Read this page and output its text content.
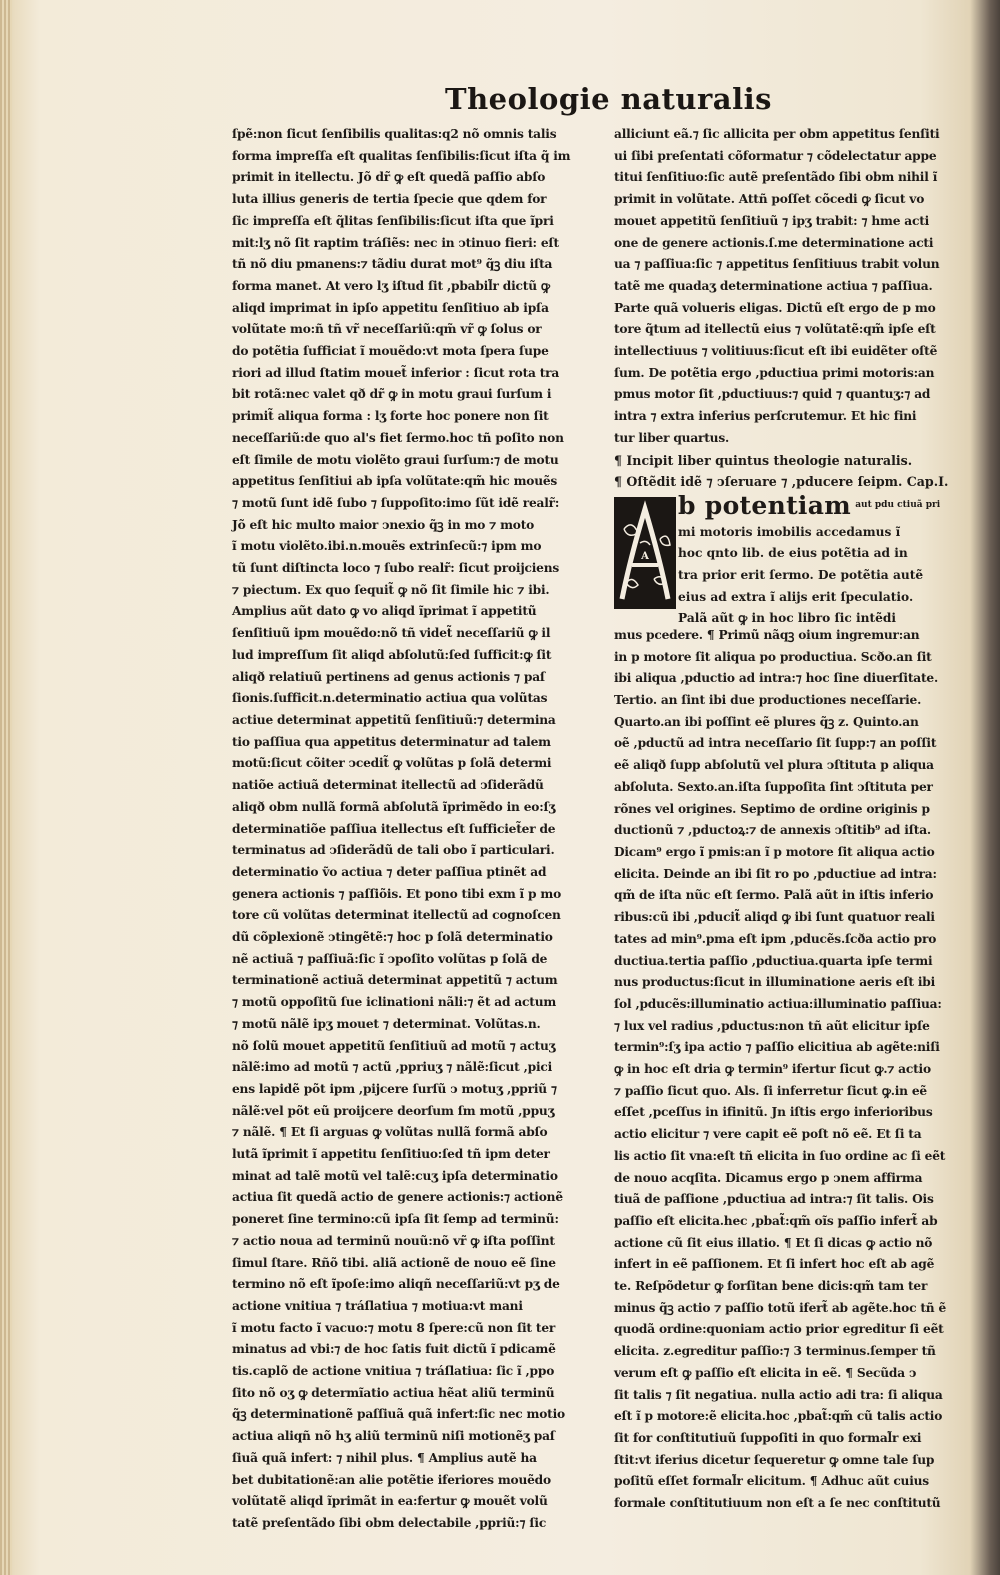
Theologie naturalis
ſpẽ:non ſicut ſenſibilis qualitas:q2 nõ omnis talis
forma impreſſa eſt qualitas ſenſibilis:ſicut iſta q̃ im
primit in itellectu. Jõ dr̃ ꝙ eſt quedã paſſio abſo
luta illius generis de tertia ſpecie que qdem for
ſic impreſſa eſt q̃litas ſenſibilis:ſicut iſta que ĩpri
mit:lʒ nõ ſit raptim tráſiẽs: nec in ↄtinuo fieri: eſt
tñ nõ diu pmanens:⁊ tãdiu durat mot⁹ q̃ꝫ diu iſta
forma manet. At vero lʒ iſtud ſit ,pbabil̃r dictũ ꝙ
aliqd imprimat in ipſo appetitu ſenſitiuo ab ipſa
volũtate mo:ñ tñ vr̃ neceſſariũ:qm̃ vr̃ ꝙ ſolus or
do potẽtia ſufficiat ĩ mouẽdo:vt mota ſpera ſupe
riori ad illud ſtatim mouet̃ inferior : ſicut rota tra
bit rotã:nec valet qð dr̃ ꝙ in motu graui ſurſum i
primit̃ aliqua forma : lʒ forte hoc ponere non ſit
neceſſariũ:de quo al's fiet ſermo.hoc tñ poſito non
eſt ſimile de motu violẽto graui ſurſum:⁊ de motu
appetitus ſenſitiui ab ipſa volũtate:qm̃ hic mouẽs
⁊ motũ ſunt idẽ ſubo ⁊ ſuppoſito:imo ſũt idẽ realr̃:
Jõ eſt hic multo maior ↄnexio q̃ꝫ in mo ⁊ moto
ĩ motu violẽto.ibi.n.mouẽs extrinſecũ:⁊ ipm mo
tũ ſunt diſtincta loco ⁊ ſubo realr̃: ſicut proijciens
⁊ piectum. Ex quo ſequit̃ ꝙ nõ ſit ſimile hic ⁊ ibi.
Amplius aũt dato ꝙ vo aliqd ĩprimat ĩ appetitũ
ſenſitiuũ ipm mouẽdo:nõ tñ videt̃ neceſſariũ ꝙ il
lud impreſſum ſit aliqd abſolutũ:ſed ſufficit:ꝙ ſit
aliqð relatiuũ pertinens ad genus actionis ⁊ paſ
ſionis.ſufficit.n.determinatio actiua qua volũtas
actiue determinat appetitũ ſenſitiuũ:⁊ determina
tio paſſiua qua appetitus determinatur ad talem
motũ:ſicut cõiter ↄcedit̃ ꝙ volũtas p ſolã determi
natiõe actiuã determinat itellectũ ad ↄſiderãdũ
aliqð obm nullã formã abſolutã ĩprimẽdo in eo:ſʒ
determinatiõe paſſiua itellectus eſt ſufficiet̃er de
terminatus ad ↄſiderãdũ de tali obo ĩ particulari.
determinatio ṽo actiua ⁊ deter paſſiua ptinẽt ad
genera actionis ⁊ paſſiõis. Et pono tibi exm ĩ p mo
tore cũ volũtas determinat itellectũ ad cognoſcen
dũ cõplexionẽ ↄtingẽtẽ:⁊ hoc p ſolã determinatio
nẽ actiuã ⁊ paſſiuã:ſic ĩ ↄpoſito volũtas p ſolã de
terminationẽ actiuã determinat appetitũ ⁊ actum
⁊ motũ oppoſitũ ſue iclinationi nãli:⁊ ẽt ad actum
⁊ motũ nãlẽ ipʒ mouet ⁊ determinat. Volũtas.n.
nõ ſolũ mouet appetitũ ſenſitiuũ ad motũ ⁊ actuʒ
nãlẽ:imo ad motũ ⁊ actũ ,ppriuʒ ⁊ nãlẽ:ſicut ,pici
ens lapidẽ põt ipm ,pijcere ſurſũ ↄ motuʒ ,ppriũ ⁊
nãlẽ:vel põt eũ proijcere deorſum ſm motũ ,ppuʒ
⁊ nãlẽ. ¶ Et ſi arguas ꝙ volũtas nullã formã abſo
lutã ĩprimit ĩ appetitu ſenſitiuo:ſed tñ ipm deter
minat ad talẽ motũ vel talẽ:cuʒ ipſa determinatio
actiua ſit quedã actio de genere actionis:⁊ actionẽ
poneret ſine termino:cũ ipſa ſit ſemp ad terminũ:
⁊ actio noua ad terminũ nouũ:nõ vr̃ ꝙ iſta poſſint
ſimul ſtare. Rñõ tibi. aliã actionẽ de nouo eẽ ſine
termino nõ eſt ĩpoſe:imo aliqñ neceſſariũ:vt pʒ de
actione vnitiua ⁊ tráſlatiua ⁊ motiua:vt mani
ĩ motu facto ĩ vacuo:⁊ motu 8 ſpere:cũ non ſit ter
minatus ad vbi:⁊ de hoc ſatis fuit dictũ ĩ pdicamẽ
tis.caplõ de actione vnitiua ⁊ tráſlatiua: ſic ĩ ,ppo
ſito nõ oʒ ꝙ determĩatio actiua hẽat aliũ terminũ
q̃ꝫ determinationẽ paſſiuã quã infert:ſic nec motio
actiua aliqñ nõ hʒ aliũ terminũ niſi motionẽʒ paſ
ſiuã quã infert: ⁊ nihil plus. ¶ Amplius autẽ ha
bet dubitationẽ:an alie potẽtie iferiores mouẽdo
volũtatẽ aliqd ĩprimãt in ea:fertur ꝙ mouẽt volũ
tatẽ preſentãdo ſibi obm delectabile ,ppriũ:⁊ ſic
alliciunt eã.⁊ ſic allicita per obm appetitus ſenſiti
ui ſibi preſentati cõformatur ⁊ cõdelectatur appe
titui ſenſitiuo:ſic autẽ preſentãdo ſibi obm nihil ĩ
primit in volũtate. Attñ poſſet cõcedi ꝙ ſicut vo
mouet appetitũ ſenſitiuũ ⁊ ipʒ trabit: ⁊ hme acti
one de genere actionis.ſ.me determinatione acti
ua ⁊ paſſiua:ſic ⁊ appetitus ſenſitiuus trabit volun
tatẽ me quadaʒ determinatione actiua ⁊ paſſiua.
Parte quã volueris eligas. Dictũ eſt ergo de p mo
tore q̃tum ad itellectũ eius ⁊ volũtatẽ:qm̃ ipſe eſt
intellectiuus ⁊ volitiuus:ſicut eſt ibi euidẽter oſtẽ
ſum. De potẽtia ergo ,pductiua primi motoris:an
pmus motor ſit ,pductiuus:⁊ quid ⁊ quantuʒ:⁊ ad
intra ⁊ extra inferius perſcrutemur. Et hic fini
tur liber quartus.
¶ Incipit liber quintus theologie naturalis.
¶ Oſtẽdit idẽ ⁊ ↄſeruare ⁊ ,pducere ſeipm. Cap.I.
A
b potentiam $^{aut pdu ctiuã pri}$
mi motoris imobilis accedamus ĩ
hoc qnto lib. de eius potẽtia ad in
tra prior erit ſermo. De potẽtia autẽ
eius ad extra ĩ alijs erit ſpeculatio.
Palã aũt ꝙ in hoc libro ſic intẽdi
mus pcedere. ¶ Primũ nãqꝫ oium ingremur:an
in p motore ſit aliqua po productiua. Scðo.an ſit
ibi aliqua ,pductio ad intra:⁊ hoc ſine diuerſitate.
Tertio. an ſint ibi due productiones neceſſarie.
Quarto.an ibi poſſint eẽ plures q̃ꝫ z. Quinto.an
oẽ ,pductũ ad intra neceſſario ſit ſupp:⁊ an poſſit
eẽ aliqð ſupp abſolutũ vel plura ↄſtituta p aliqua
abſoluta. Sexto.an.iſta ſuppoſita ſint ↄſtituta per
rõnes vel origines. Septimo de ordine originis p
ductionũ ⁊ ,pductoꝝ:⁊ de annexis ↄſtitib⁹ ad iſta.
Dicam⁹ ergo ĩ pmis:an ĩ p motore ſit aliqua actio
elicita. Deinde an ibi ſit ro po ,pductiue ad intra:
qm̃ de iſta nũc eſt ſermo. Palã aũt in iſtis inferio
ribus:cũ ibi ,pducit̃ aliqd ꝙ ibi ſunt quatuor reali
tates ad min⁹.pma eſt ipm ,pducẽs.ſcða actio pro
ductiua.tertia paſſio ,pductiua.quarta ipſe termi
nus productus:ſicut in illuminatione aeris eſt ibi
ſol ,pducẽs:illuminatio actiua:illuminatio paſſiua:
⁊ lux vel radius ,pductus:non tñ aũt elicitur ipſe
termin⁹:ſʒ ipa actio ⁊ paſſio elicitiua ab agẽte:niſi
ꝙ in hoc eſt dria ꝙ termin⁹ ifertur ſicut ꝙ.⁊ actio
⁊ paſſio ſicut quo. Als. ſi inferretur ſicut ꝙ.in eẽ
eſſet ,pceſſus in ifinitũ. Jn iſtis ergo inferioribus
actio elicitur ⁊ vere capit eẽ poſt nõ eẽ. Et ſi ta
lis actio ſit vna:eſt tñ elicita in ſuo ordine ac ſi eẽt
de nouo acqſita. Dicamus ergo p ↄnem affirma
tiuã de paſſione ,pductiua ad intra:⁊ ſit talis. Ois
paſſio eſt elicita.hec ,pbat̃:qm̃ oĩs paſſio infert̃ ab
actione cũ ſit eius illatio. ¶ Et ſi dicas ꝙ actio nõ
infert in eẽ paſſionem. Et ſi infert hoc eſt ab agẽ
te. Reſpõdetur ꝙ forſitan bene dicis:qm̃ tam ter
minus q̃ꝫ actio ⁊ paſſio totũ ifert̃ ab agẽte.hoc tñ ẽ
quodã ordine:quoniam actio prior egreditur ſi eẽt
elicita. z.egreditur paſſio:⁊ 3 terminus.ſemper tñ
verum eſt ꝙ paſſio eſt elicita in eẽ. ¶ Secũda ↄ
ſit talis ⁊ ſit negatiua. nulla actio adi tra: ſi aliqua
eſt ĩ p motore:ẽ elicita.hoc ,pbat̃:qm̃ cũ talis actio
ſit for conſtitutiuũ ſuppoſiti in quo formal̃r exi
ſtit:vt iferius dicetur ſequeretur ꝙ omne tale ſup
poſitũ eſſet formal̃r elicitum. ¶ Adhuc aũt cuius
formale conſtitutiuum non eſt a ſe nec conſtitutũ
